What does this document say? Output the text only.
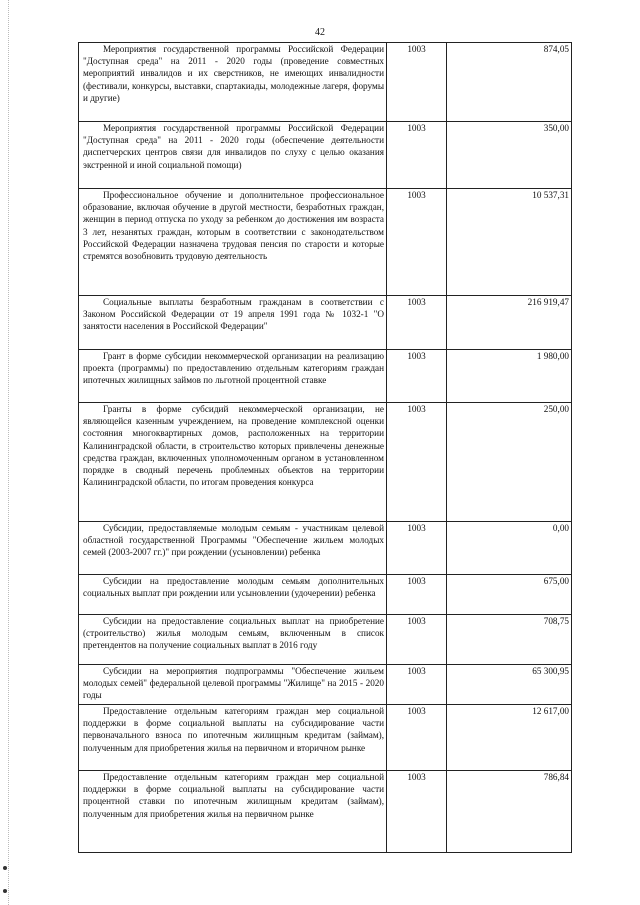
42
Мероприятия государственной программы Российской Федерации "Доступная среда" на 2011 - 2020 годы (проведение совместных мероприятий инвалидов и их сверстников, не имеющих инвалидности (фестивали, конкурсы, выставки, спартакиады, молодежные лагеря, форумы и другие)
1003	874,05
Мероприятия государственной программы Российской Федерации "Доступная среда" на 2011 - 2020 годы (обеспечение деятельности диспетчерских центров связи для инвалидов по слуху с целью оказания экстренной и иной социальной помощи)
1003	350,00
Профессиональное обучение и дополнительное профессиональное образование, включая обучение в другой местности, безработных граждан, женщин в период отпуска по уходу за ребенком до достижения им возраста 3 лет, незанятых граждан, которым в соответствии с законодательством Российской Федерации назначена трудовая пенсия по старости и которые стремятся возобновить трудовую деятельность
1003	10 537,31
Социальные выплаты безработным гражданам в соответствии с Законом Российской Федерации от 19 апреля 1991 года № 1032-1 "О занятости населения в Российской Федерации"
1003	216 919,47
Грант в форме субсидии некоммерческой организации на реализацию проекта (программы) по предоставлению отдельным категориям граждан ипотечных жилищных займов по льготной процентной ставке
1003	1 980,00
Гранты в форме субсидий некоммерческой организации, не являющейся казенным учреждением, на проведение комплексной оценки состояния многоквартирных домов, расположенных на территории Калининградской области, в строительство которых привлечены денежные средства граждан, включенных уполномоченным органом в установленном порядке в сводный перечень проблемных объектов на территории Калининградской области, по итогам проведения конкурса
1003	250,00
Субсидии, предоставляемые молодым семьям - участникам целевой областной государственной Программы "Обеспечение жильем молодых семей (2003-2007 гг.)" при рождении (усыновлении) ребенка
1003	0,00
Субсидии на предоставление молодым семьям дополнительных социальных выплат при рождении или усыновлении (удочерении) ребенка
1003	675,00
Субсидии на предоставление социальных выплат на приобретение (строительство) жилья молодым семьям, включенным в список претендентов на получение социальных выплат в 2016 году
1003	708,75
Субсидии на мероприятия подпрограммы "Обеспечение жильем молодых семей" федеральной целевой программы "Жилище" на 2015 - 2020 годы
1003	65 300,95
Предоставление отдельным категориям граждан мер социальной поддержки в форме социальной выплаты на субсидирование части первоначального взноса по ипотечным жилищным кредитам (займам), полученным для приобретения жилья на первичном и вторичном рынке
1003	12 617,00
Предоставление отдельным категориям граждан мер социальной поддержки в форме социальной выплаты на субсидирование части процентной ставки по ипотечным жилищным кредитам (займам), полученным для приобретения жилья на первичном рынке
1003	786,84
